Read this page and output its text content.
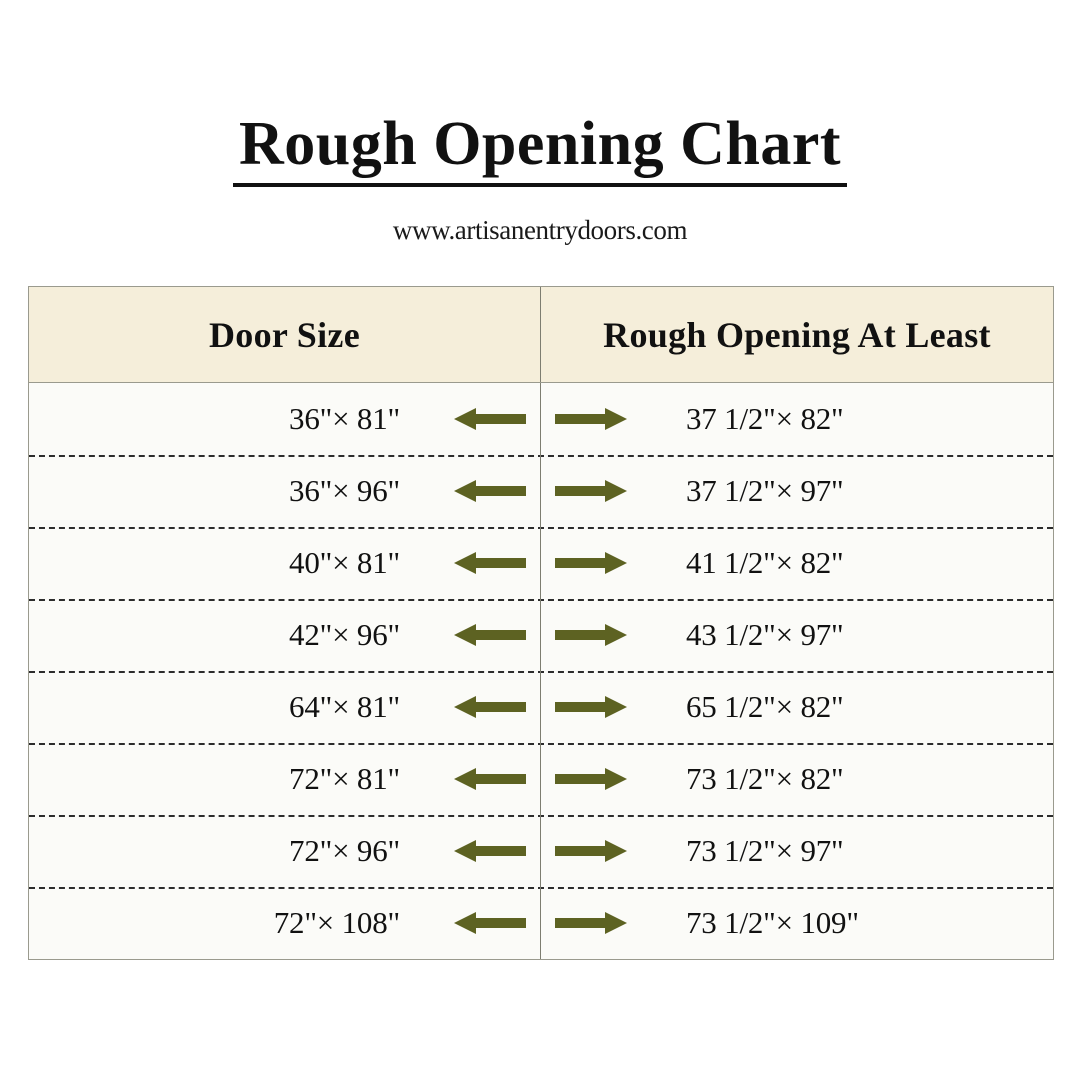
Rough Opening Chart
www.artisanentrydoors.com
Door Size	Rough Opening At Least
36"× 81"	37 1/2"× 82"
36"× 96"	37 1/2"× 97"
40"× 81"	41 1/2"× 82"
42"× 96"	43 1/2"× 97"
64"× 81"	65 1/2"× 82"
72"× 81"	73 1/2"× 82"
72"× 96"	73 1/2"× 97"
72"× 108"	73 1/2"× 109"
